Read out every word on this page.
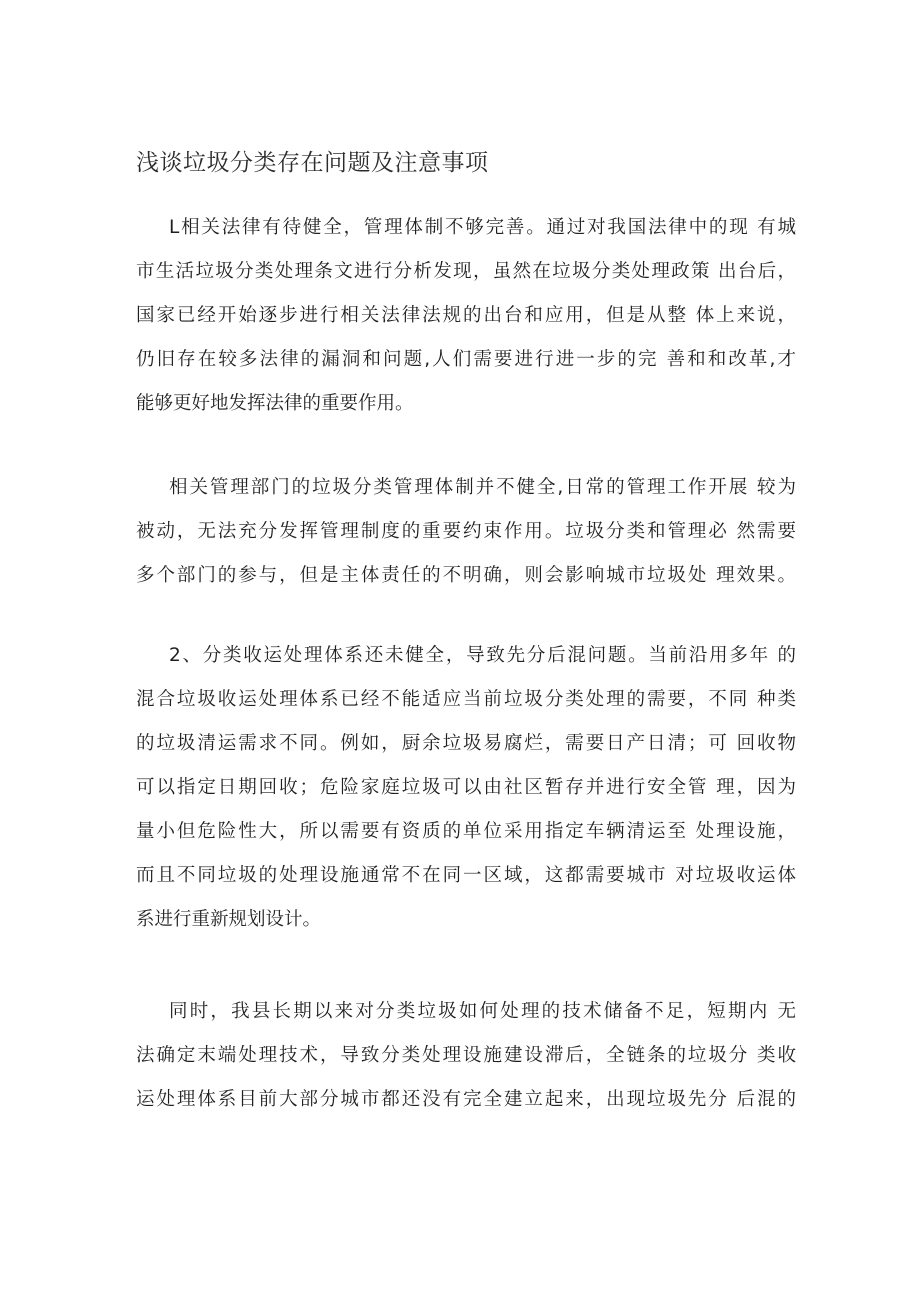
浅谈垃圾分类存在问题及注意事项
L相关法律有待健全，管理体制不够完善。通过对我国法律中的现 有城
市生活垃圾分类处理条文进行分析发现，虽然在垃圾分类处理政策 出台后，
国家已经开始逐步进行相关法律法规的出台和应用，但是从整 体上来说，
仍旧存在较多法律的漏洞和问题,人们需要进行进一步的完 善和和改革,才
能够更好地发挥法律的重要作用。
相关管理部门的垃圾分类管理体制并不健全,日常的管理工作开展 较为
被动，无法充分发挥管理制度的重要约束作用。垃圾分类和管理必 然需要
多个部门的参与，但是主体责任的不明确，则会影响城市垃圾处 理效果。
2、分类收运处理体系还未健全，导致先分后混问题。当前沿用多年 的
混合垃圾收运处理体系已经不能适应当前垃圾分类处理的需要，不同 种类
的垃圾清运需求不同。例如，厨余垃圾易腐烂，需要日产日清；可 回收物
可以指定日期回收；危险家庭垃圾可以由社区暂存并进行安全管 理，因为
量小但危险性大，所以需要有资质的单位采用指定车辆清运至 处理设施，
而且不同垃圾的处理设施通常不在同一区域，这都需要城市 对垃圾收运体
系进行重新规划设计。
同时，我县长期以来对分类垃圾如何处理的技术储备不足，短期内 无
法确定末端处理技术，导致分类处理设施建设滞后，全链条的垃圾分 类收
运处理体系目前大部分城市都还没有完全建立起来，出现垃圾先分 后混的
